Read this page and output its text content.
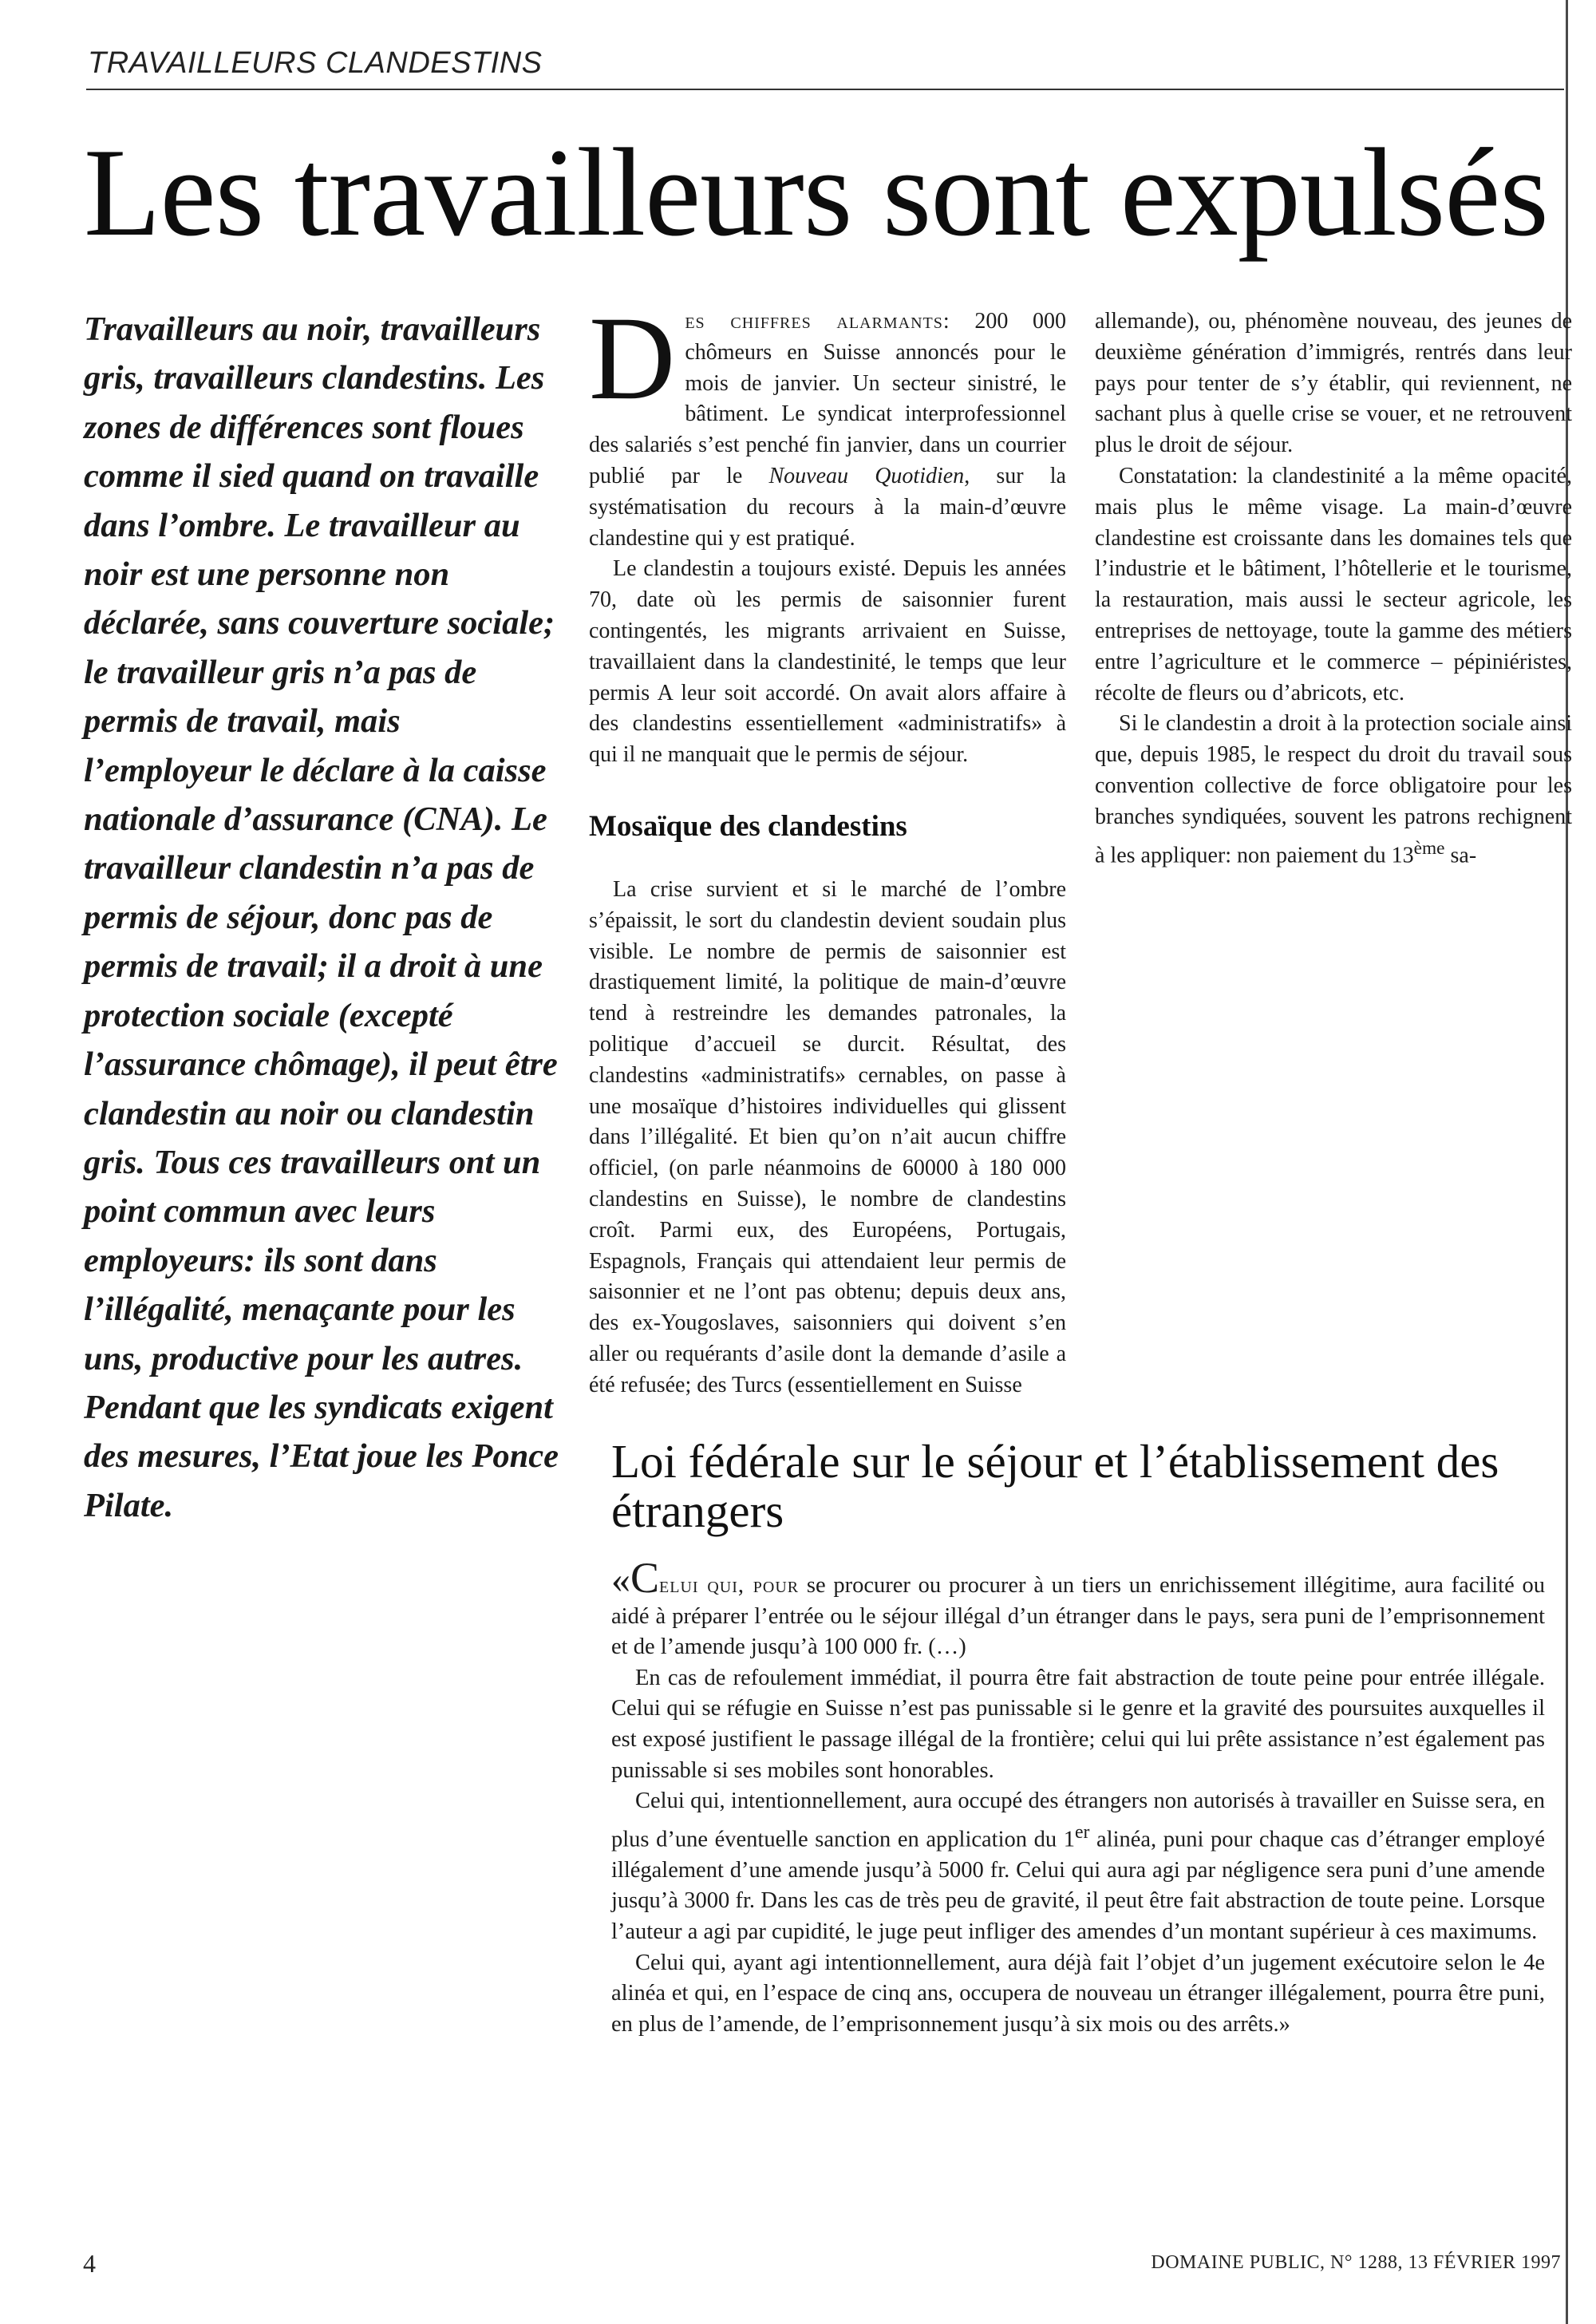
TRAVAILLEURS CLANDESTINS
Les travailleurs sont expulsés
Travailleurs au noir, travailleurs gris, travailleurs clandestins. Les zones de différences sont floues comme il sied quand on travaille dans l’ombre. Le travailleur au noir est une personne non déclarée, sans couverture sociale; le travailleur gris n’a pas de permis de travail, mais l’employeur le déclare à la caisse nationale d’assurance (CNA). Le travailleur clandestin n’a pas de permis de séjour, donc pas de permis de travail; il a droit à une protection sociale (excepté l’assurance chômage), il peut être clandestin au noir ou clandestin gris. Tous ces travailleurs ont un point commun avec leurs employeurs: ils sont dans l’illégalité, menaçante pour les uns, productive pour les autres. Pendant que les syndicats exigent des mesures, l’Etat joue les Ponce Pilate.

Des chiffres alarmants: 200 000 chômeurs en Suisse annoncés pour le mois de janvier. Un secteur sinistré, le bâtiment. Le syndicat interprofessionnel des salariés s’est penché fin janvier, dans un courrier publié par le Nouveau Quotidien, sur la systématisation du recours à la main-d’œuvre clandestine qui y est pratiqué.

Le clandestin a toujours existé. Depuis les années 70, date où les permis de saisonnier furent contingentés, les migrants arrivaient en Suisse, travaillaient dans la clandestinité, le temps que leur permis A leur soit accordé. On avait alors affaire à des clandestins essentiellement «administratifs» à qui il ne manquait que le permis de séjour.

Mosaïque des clandestins

La crise survient et si le marché de l’ombre s’épaissit, le sort du clandestin devient soudain plus visible. Le nombre de permis de saisonnier est drastiquement limité, la politique de main-d’œuvre tend à restreindre les demandes patronales, la politique d’accueil se durcit. Résultat, des clandestins «administratifs» cernables, on passe à une mosaïque d’histoires individuelles qui glissent dans l’illégalité. Et bien qu’on n’ait aucun chiffre officiel, (on parle néanmoins de 60000 à 180 000 clandestins en Suisse), le nombre de clandestins croît. Parmi eux, des Européens, Portugais, Espagnols, Français qui attendaient leur permis de saisonnier et ne l’ont pas obtenu; depuis deux ans, des ex-Yougoslaves, saisonniers qui doivent s’en aller ou requérants d’asile dont la demande d’asile a été refusée; des Turcs (essentiellement en Suisse

allemande), ou, phénomène nouveau, des jeunes de deuxième génération d’immigrés, rentrés dans leur pays pour tenter de s’y établir, qui reviennent, ne sachant plus à quelle crise se vouer, et ne retrouvent plus le droit de séjour.

Constatation: la clandestinité a la même opacité, mais plus le même visage. La main-d’œuvre clandestine est croissante dans les domaines tels que l’industrie et le bâtiment, l’hôtellerie et le tourisme, la restauration, mais aussi le secteur agricole, les entreprises de nettoyage, toute la gamme des métiers entre l’agriculture et le commerce – pépiniéristes, récolte de fleurs ou d’abricots, etc.

Si le clandestin a droit à la protection sociale ainsi que, depuis 1985, le respect du droit du travail sous convention collective de force obligatoire pour les branches syndiquées, souvent les patrons rechignent à les appliquer: non paiement du 13ème sa-

Loi fédérale sur le séjour et l’établissement des étrangers

«Celui qui, pour se procurer ou procurer à un tiers un enrichissement illégitime, aura facilité ou aidé à préparer l’entrée ou le séjour illégal d’un étranger dans le pays, sera puni de l’emprisonnement et de l’amende jusqu’à 100 000 fr. (…)

En cas de refoulement immédiat, il pourra être fait abstraction de toute peine pour entrée illégale. Celui qui se réfugie en Suisse n’est pas punissable si le genre et la gravité des poursuites auxquelles il est exposé justifient le passage illégal de la frontière; celui qui lui prête assistance n’est également pas punissable si ses mobiles sont honorables.

Celui qui, intentionnellement, aura occupé des étrangers non autorisés à travailler en Suisse sera, en plus d’une éventuelle sanction en application du 1er alinéa, puni pour chaque cas d’étranger employé illégalement d’une amende jusqu’à 5000 fr. Celui qui aura agi par négligence sera puni d’une amende jusqu’à 3000 fr. Dans les cas de très peu de gravité, il peut être fait abstraction de toute peine. Lorsque l’auteur a agi par cupidité, le juge peut infliger des amendes d’un montant supérieur à ces maximums.

Celui qui, ayant agi intentionnellement, aura déjà fait l’objet d’un jugement exécutoire selon le 4e alinéa et qui, en l’espace de cinq ans, occupera de nouveau un étranger illégalement, pourra être puni, en plus de l’amende, de l’emprisonnement jusqu’à six mois ou des arrêts.»

4	DOMAINE PUBLIC, N° 1288, 13 FÉVRIER 1997
